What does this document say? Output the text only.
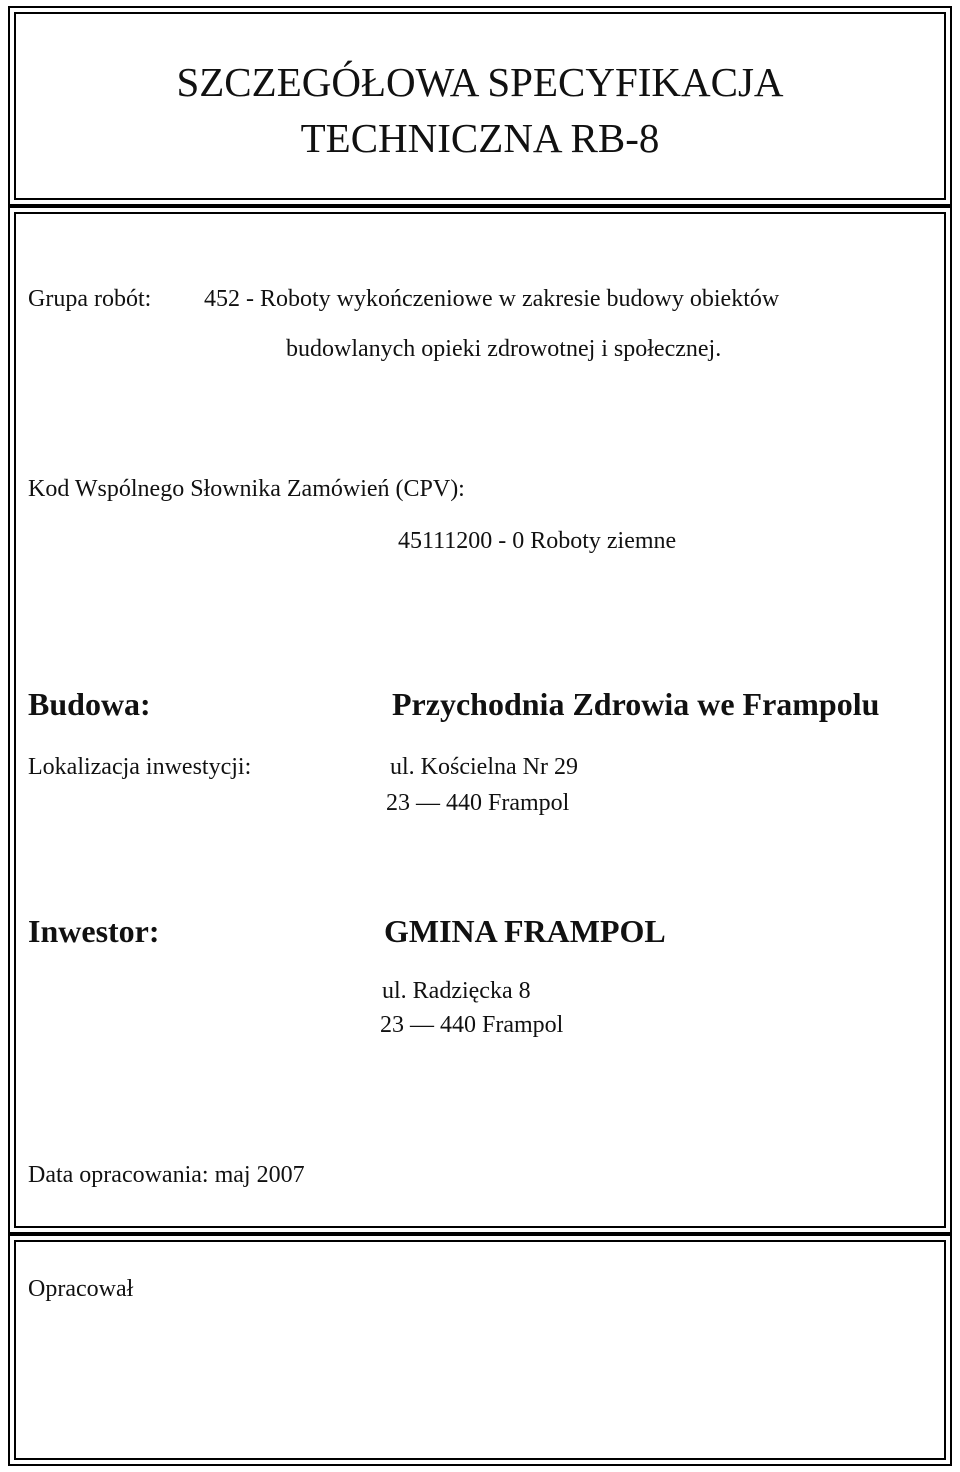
SZCZEGÓŁOWA SPECYFIKACJA
TECHNICZNA RB-8
Grupa robót: 452 - Roboty wykończeniowe w zakresie budowy obiektów
budowlanych opieki zdrowotnej i społecznej.
Kod Wspólnego Słownika Zamówień (CPV):
45111200 - 0 Roboty ziemne
Budowa:	Przychodnia Zdrowia we Frampolu
Lokalizacja inwestycji:	ul. Kościelna Nr 29
23 — 440 Frampol
Inwestor:	GMINA FRAMPOL
ul. Radzięcka 8
23 — 440 Frampol
Data opracowania: maj 2007
Opracował
